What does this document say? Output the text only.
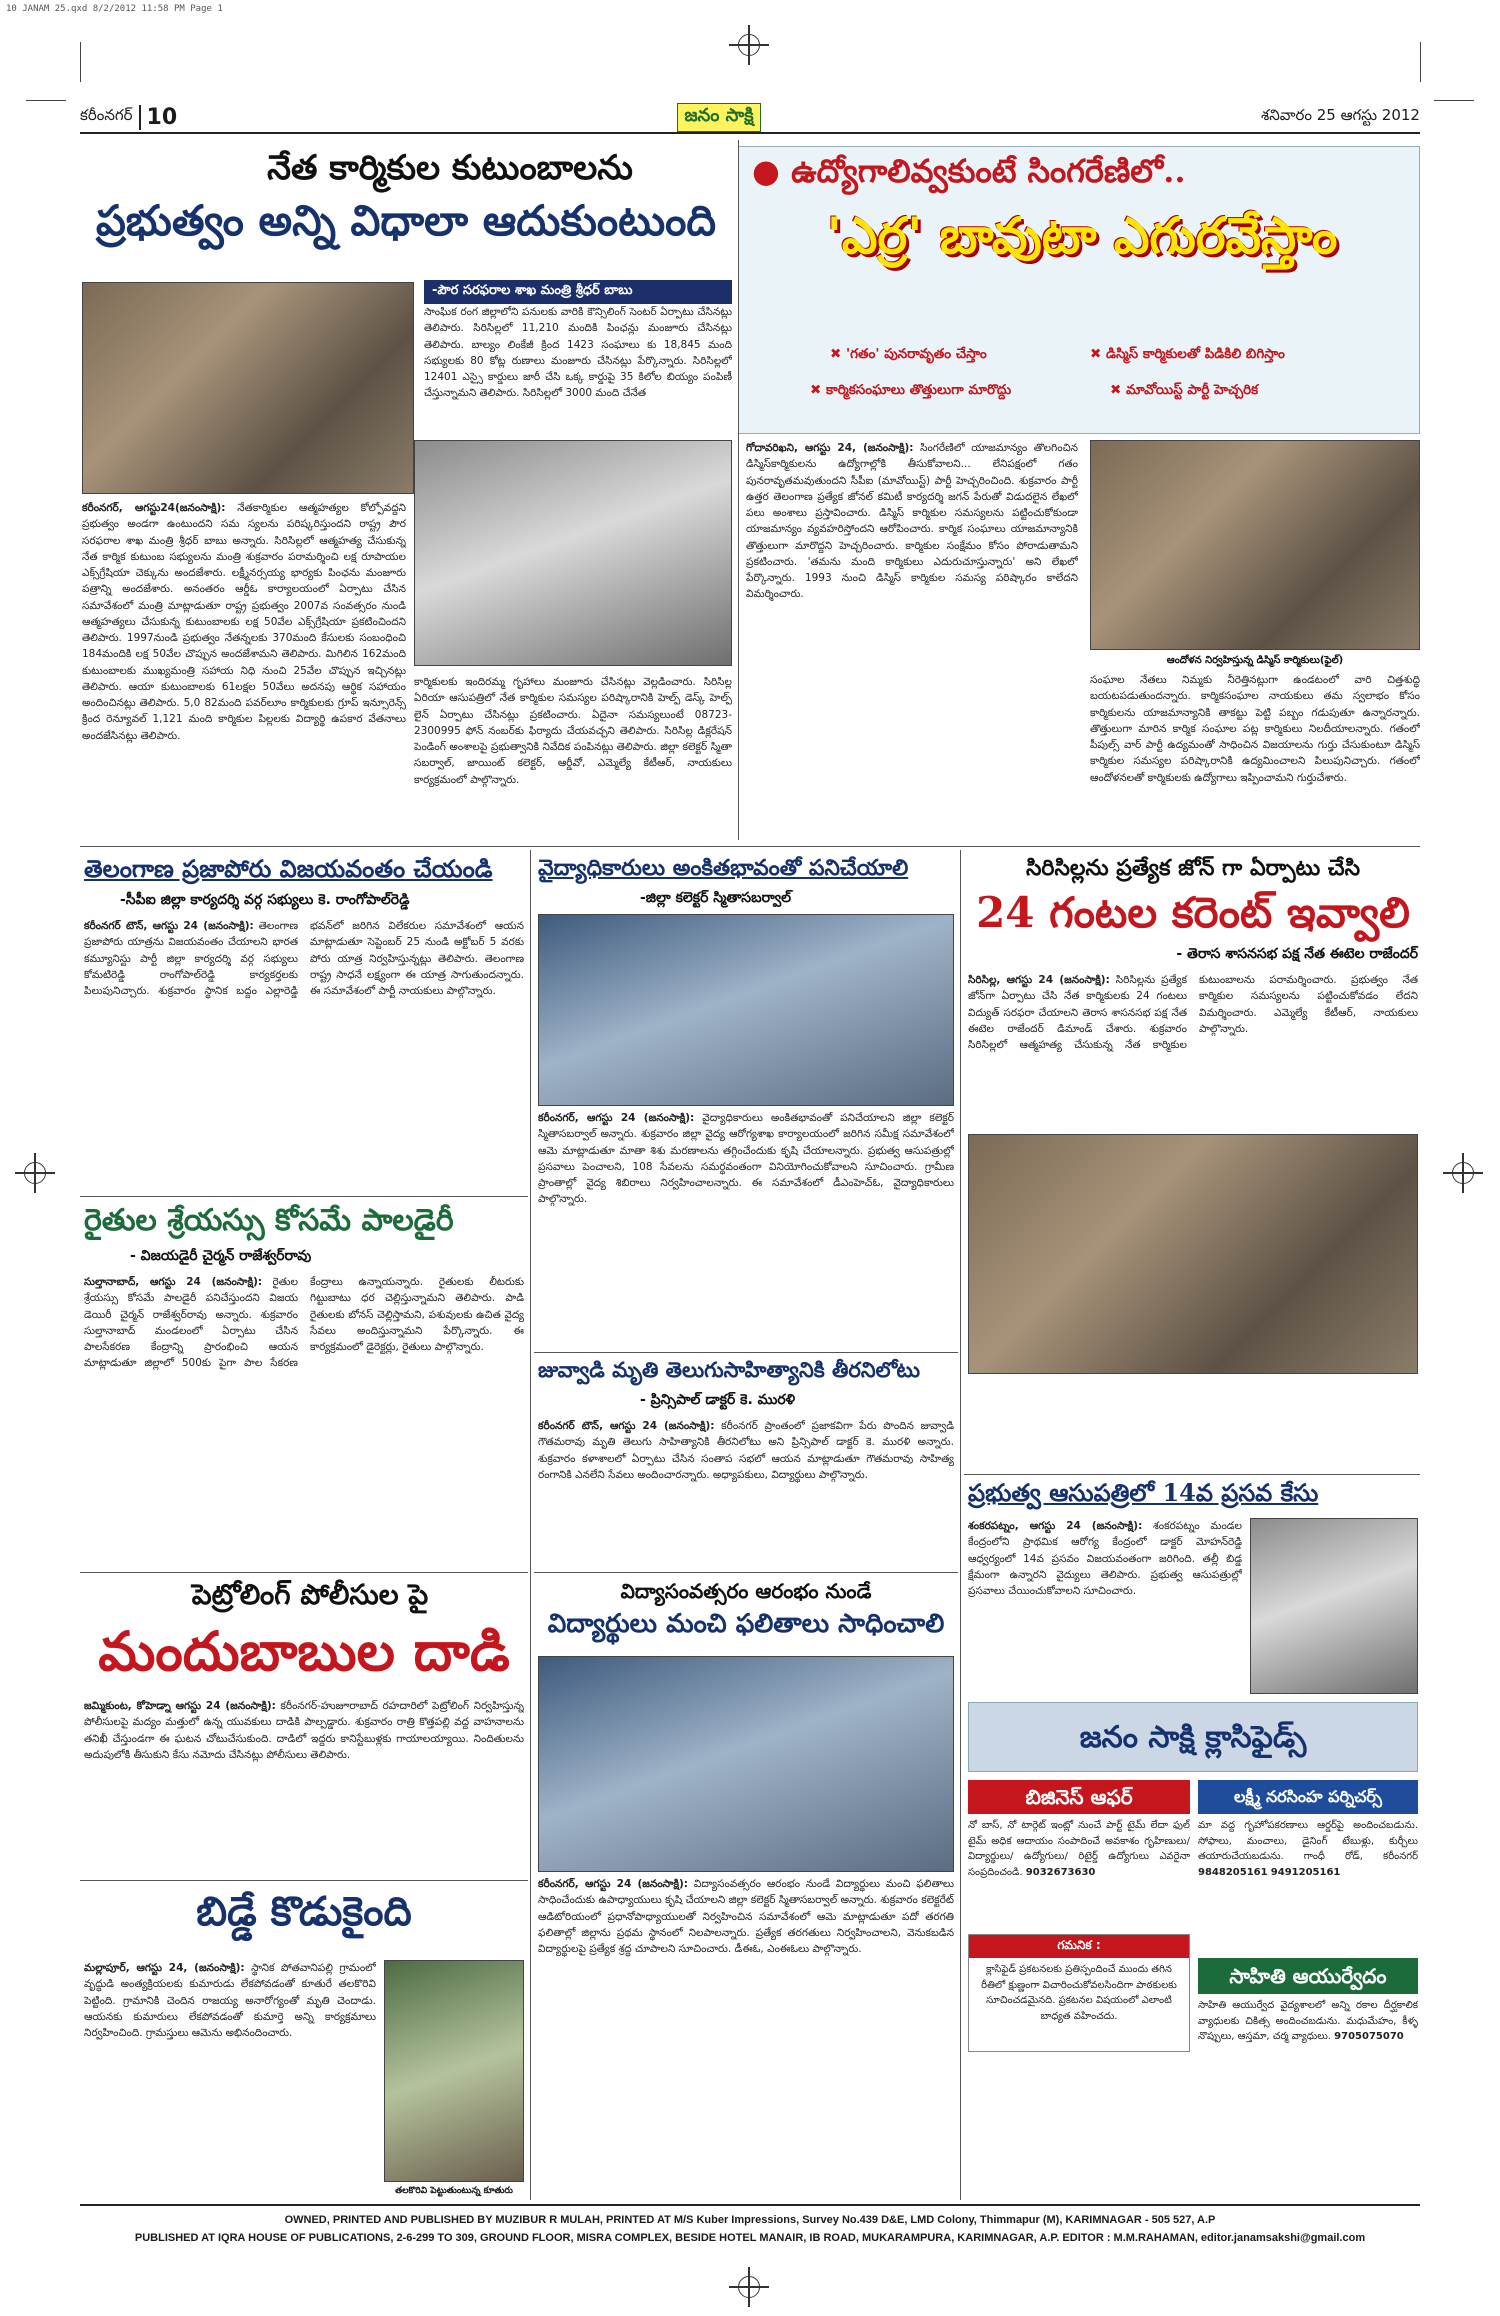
10 JANAM 25.qxd 8/2/2012 11:58 PM Page 1
కరీంనగర్ 10	జనం సాక్షి	శనివారం 25 ఆగస్టు 2012
నేత కార్మికుల కుటుంబాలను
ప్రభుత్వం అన్ని విధాలా ఆదుకుంటుంది
-పౌర సరఫరాల శాఖ మంత్రి శ్రీధర్ బాబు
సాంఘిక రంగ జిల్లాలోని పనులకు వారికి కౌన్సిలింగ్ సెంటర్ ఏర్పాటు చేసినట్లు తెలిపారు. సిరిసిల్లలో 11,210 మందికి పింఛన్లు మంజూరు చేసినట్లు తెలిపారు. బాల్యం లింకేజీ క్రింద 1423 సంఘాలు కు 18,845 మంది సభ్యులకు 80 కోట్ల రుణాలు మంజూరు చేసినట్లు పేర్కొన్నారు. సిరిసిల్లలో 12401 ఎస్సై కార్డులు జారీ చేసి ఒక్క కార్డుపై 35 కిలోల బియ్యం పంపిణీ చేస్తున్నామని తెలిపారు. సిరిసిల్లలో 3000 మంది చేనేత
కరీంనగర్, ఆగస్టు24(జనంసాక్షి): నేతకార్మికుల ఆత్మహత్యల కోల్పోవద్దని ప్రభుత్వం అండగా ఉంటుందని సమ స్యలను పరిష్కరిస్తుందని రాష్ట్ర పౌర సరఫరాల శాఖ మంత్రి శ్రీధర్ బాబు అన్నారు. సిరిసిల్లలో ఆత్మహత్య చేసుకున్న నేత కార్మిక కుటుంబ సభ్యులను మంత్రి శుక్రవారం పరామర్శించి లక్ష రూపాయల ఎక్స్‌గ్రేషియా చెక్కును అందజేశారు. లక్ష్మీనర్సయ్య భార్యకు పింఛను మంజూరు పత్రాన్ని అందజేశారు. అనంతరం ఆర్డీఓ కార్యాలయంలో ఏర్పాటు చేసిన సమావేశంలో మంత్రి మాట్లాడుతూ రాష్ట్ర ప్రభుత్వం 2007వ సంవత్సరం నుండి ఆత్మహత్యలు చేసుకున్న కుటుంబాలకు లక్ష 50వేల ఎక్స్‌గ్రేషియా ప్రకటించిందని తెలిపారు. 1997నుండి ప్రభుత్వం నేతన్నలకు 370మంది కేసులకు సంబంధించి 184మందికి లక్ష 50వేల చొప్పున అందజేశామని తెలిపారు. మిగిలిన 162మంది కుటుంబాలకు ముఖ్యమంత్రి సహాయ నిధి నుంచి 25వేల చొప్పున ఇచ్చినట్లు తెలిపారు. ఆయా కుటుంబాలకు 61లక్షల 50వేలు అదనపు ఆర్థిక సహాయం అందించినట్లు తెలిపారు. 5,0 82మంది పవర్‌లూం కార్మికులకు గ్రూప్ ఇన్సూరెన్స్ క్రింద రెన్యూవల్ 1,121 మంది కార్మికుల పిల్లలకు విద్యార్థి ఉపకార వేతనాలు అందజేసినట్లు తెలిపారు.
కార్మికులకు ఇందిరమ్మ గృహాలు మంజూరు చేసినట్లు వెల్లడించారు. సిరిసిల్ల ఏరియా ఆసుపత్రిలో నేత కార్మికుల సమస్యల పరిష్కారానికి హెల్ప్ డెస్క్ హెల్ప్ లైన్ ఏర్పాటు చేసినట్లు ప్రకటించారు. ఏదైనా సమస్యలుంటే 08723-2300995 ఫోన్ నంబర్‌కు ఫిర్యాదు చేయవచ్చని తెలిపారు. సిరిసిల్ల డిక్లరేషన్ పెండింగ్ అంశాలపై ప్రభుత్వానికి నివేదిక పంపినట్లు తెలిపారు. జిల్లా కలెక్టర్ స్మితా సబర్వాల్, జాయింట్ కలెక్టర్, ఆర్డీవో, ఎమ్మెల్యే కేటీఆర్, నాయకులు కార్యక్రమంలో పాల్గొన్నారు.
● ఉద్యోగాలివ్వకుంటే సింగరేణిలో..
'ఎర్ర' బావుటా ఎగురవేస్తాం
✖ 'గతం' పునరావృతం చేస్తాం	✖ డిస్మిస్ కార్మికులతో పిడికిలి బిగిస్తాం
✖ కార్మికసంఘాలు తొత్తులుగా మారొద్దు	✖ మావోయిస్ట్ పార్టీ హెచ్చరిక
గోదావరిఖని, ఆగస్టు 24, (జనంసాక్షి): సింగరేణిలో యాజమాన్యం తొలగించిన డిస్మిస్‌కార్మికులను ఉద్యోగాల్లోకి తీసుకోవాలని... లేనిపక్షంలో గతం పునరావృతమవుతుందని సీపీఐ (మావోయిస్ట్) పార్టీ హెచ్చరించింది. శుక్రవారం పార్టీ ఉత్తర తెలంగాణ ప్రత్యేక జోనల్ కమిటీ కార్యదర్శి జగన్ పేరుతో విడుదలైన లేఖలో పలు అంశాలు ప్రస్తావించారు. డిస్మిస్ కార్మికుల సమస్యలను పట్టించుకోకుండా యాజమాన్యం వ్యవహరిస్తోందని ఆరోపించారు. కార్మిక సంఘాలు యాజమాన్యానికి తొత్తులుగా మారొద్దని హెచ్చరించారు. కార్మికుల సంక్షేమం కోసం పోరాడుతామని ప్రకటించారు. 'తమను మంది కార్మికులు ఎదురుచూస్తున్నారు' అని లేఖలో పేర్కొన్నారు. 1993 నుంచి డిస్మిస్ కార్మికుల సమస్య పరిష్కారం కాలేదని విమర్శించారు.
ఆందోళన నిర్వహిస్తున్న డిస్మిస్ కార్మికులు(ఫైల్)
సంఘాల నేతలు నిమ్మకు నీరెత్తినట్లుగా ఉండటంలో వారి చిత్తశుద్ధి బయటపడుతుందన్నారు. కార్మికసంఘాల నాయకులు తమ స్వలాభం కోసం కార్మికులను యాజమాన్యానికి తాకట్టు పెట్టి పబ్బం గడుపుతూ ఉన్నారన్నారు. తొత్తులుగా మారిన కార్మిక సంఘాల పట్ల కార్మికులు నిలదీయాలన్నారు. గతంలో పీపుల్స్ వార్ పార్టీ ఉద్యమంతో సాధించిన విజయాలను గుర్తు చేసుకుంటూ డిస్మిస్ కార్మికుల సమస్యల పరిష్కారానికి ఉద్యమించాలని పిలుపునిచ్చారు. గతంలో ఆందోళనలతో కార్మికులకు ఉద్యోగాలు ఇప్పించామని గుర్తుచేశారు.
తెలంగాణ ప్రజాపోరు విజయవంతం చేయండి
-సీపీఐ జిల్లా కార్యదర్శి వర్గ సభ్యులు కె. రాంగోపాల్‌రెడ్డి
కరీంనగర్ టౌన్, ఆగస్టు 24 (జనంసాక్షి): తెలంగాణ ప్రజాపోరు యాత్రను విజయవంతం చేయాలని భారత కమ్యూనిస్టు పార్టీ జిల్లా కార్యదర్శి వర్గ సభ్యులు కోమటిరెడ్డి రాంగోపాల్‌రెడ్డి కార్యకర్తలకు పిలుపునిచ్చారు. శుక్రవారం స్థానిక బద్దం ఎల్లారెడ్డి భవన్‌లో జరిగిన విలేకరుల సమావేశంలో ఆయన మాట్లాడుతూ సెప్టెంబర్ 25 నుండి అక్టోబర్ 5 వరకు పోరు యాత్ర నిర్వహిస్తున్నట్లు తెలిపారు. తెలంగాణ రాష్ట్ర సాధనే లక్ష్యంగా ఈ యాత్ర సాగుతుందన్నారు. ఈ సమావేశంలో పార్టీ నాయకులు పాల్గొన్నారు.
రైతుల శ్రేయస్సు కోసమే పాలడైరీ
- విజయడైరీ చైర్మన్ రాజేశ్వర్‌రావు
సుల్తానాబాద్, ఆగస్టు 24 (జనంసాక్షి): రైతుల శ్రేయస్సు కోసమే పాలడైరీ పనిచేస్తుందని విజయ డెయిరీ చైర్మన్ రాజేశ్వర్‌రావు అన్నారు. శుక్రవారం సుల్తానాబాద్ మండలంలో ఏర్పాటు చేసిన పాలసేకరణ కేంద్రాన్ని ప్రారంభించి ఆయన మాట్లాడుతూ జిల్లాలో 500కు పైగా పాల సేకరణ కేంద్రాలు ఉన్నాయన్నారు. రైతులకు లీటరుకు గిట్టుబాటు ధర చెల్లిస్తున్నామని తెలిపారు. పాడి రైతులకు బోనస్ చెల్లిస్తామని, పశువులకు ఉచిత వైద్య సేవలు అందిస్తున్నామని పేర్కొన్నారు. ఈ కార్యక్రమంలో డైరెక్టర్లు, రైతులు పాల్గొన్నారు.
పెట్రోలింగ్ పోలీసుల పై
మందుబాబుల దాడి
జమ్మికుంట, కోహెడ్నా ఆగస్టు 24 (జనంసాక్షి): కరీంనగర్-హుజూరాబాద్ రహదారిలో పెట్రోలింగ్ నిర్వహిస్తున్న పోలీసులపై మద్యం మత్తులో ఉన్న యువకులు దాడికి పాల్పడ్డారు. శుక్రవారం రాత్రి కొత్తపల్లి వద్ద వాహనాలను తనిఖీ చేస్తుండగా ఈ ఘటన చోటుచేసుకుంది. దాడిలో ఇద్దరు కానిస్టేబుళ్లకు గాయాలయ్యాయి. నిందితులను అదుపులోకి తీసుకుని కేసు నమోదు చేసినట్లు పోలీసులు తెలిపారు.
బిడ్డే కొడుకైంది
మల్లాపూర్‌, ఆగస్టు 24, (జనంసాక్షి): స్థానిక పోతవానిపల్లి గ్రామంలో వృద్ధుడి అంత్యక్రియలకు కుమారుడు లేకపోవడంతో కూతురే తలకొరివి పెట్టింది. గ్రామానికి చెందిన రాజయ్య అనారోగ్యంతో మృతి చెందాడు. ఆయనకు కుమారులు లేకపోవడంతో కుమార్తె అన్ని కార్యక్రమాలు నిర్వహించింది. గ్రామస్తులు ఆమెను అభినందించారు.
తలకొరివి పెట్టుతుంటున్న కూతురు
వైద్యాధికారులు అంకితభావంతో పనిచేయాలి
-జిల్లా కలెక్టర్ స్మితాసబర్వాల్
కరీంనగర్, ఆగస్టు 24 (జనంసాక్షి): వైద్యాధికారులు అంకితభావంతో పనిచేయాలని జిల్లా కలెక్టర్ స్మితాసబర్వాల్ అన్నారు. శుక్రవారం జిల్లా వైద్య ఆరోగ్యశాఖ కార్యాలయంలో జరిగిన సమీక్ష సమావేశంలో ఆమె మాట్లాడుతూ మాతా శిశు మరణాలను తగ్గించేందుకు కృషి చేయాలన్నారు. ప్రభుత్వ ఆసుపత్రుల్లో ప్రసవాలు పెంచాలని, 108 సేవలను సమర్థవంతంగా వినియోగించుకోవాలని సూచించారు. గ్రామీణ ప్రాంతాల్లో వైద్య శిబిరాలు నిర్వహించాలన్నారు. ఈ సమావేశంలో డీఎంహెచ్‌ఓ, వైద్యాధికారులు పాల్గొన్నారు.
జువ్వాడి మృతి తెలుగుసాహిత్యానికి తీరనిలోటు
- ప్రిన్సిపాల్ డాక్టర్ కె. మురళి
కరీంనగర్ టౌన్, ఆగస్టు 24 (జనంసాక్షి): కరీంనగర్ ప్రాంతంలో ప్రజాకవిగా పేరు పొందిన జువ్వాడి గౌతమరావు మృతి తెలుగు సాహిత్యానికి తీరనిలోటు అని ప్రిన్సిపాల్ డాక్టర్ కె. మురళి అన్నారు. శుక్రవారం కళాశాలలో ఏర్పాటు చేసిన సంతాప సభలో ఆయన మాట్లాడుతూ గౌతమరావు సాహిత్య రంగానికి ఎనలేని సేవలు అందించారన్నారు. అధ్యాపకులు, విద్యార్థులు పాల్గొన్నారు.
విద్యాసంవత్సరం ఆరంభం నుండే
విద్యార్థులు మంచి ఫలితాలు సాధించాలి
కరీంనగర్, ఆగస్టు 24 (జనంసాక్షి): విద్యాసంవత్సరం ఆరంభం నుండే విద్యార్థులు మంచి ఫలితాలు సాధించేందుకు ఉపాధ్యాయులు కృషి చేయాలని జిల్లా కలెక్టర్ స్మితాసబర్వాల్ అన్నారు. శుక్రవారం కలెక్టరేట్ ఆడిటోరియంలో ప్రధానోపాధ్యాయులతో నిర్వహించిన సమావేశంలో ఆమె మాట్లాడుతూ పదో తరగతి ఫలితాల్లో జిల్లాను ప్రథమ స్థానంలో నిలపాలన్నారు. ప్రత్యేక తరగతులు నిర్వహించాలని, వెనుకబడిన విద్యార్థులపై ప్రత్యేక శ్రద్ధ చూపాలని సూచించారు. డీఈఓ, ఎంఈఓలు పాల్గొన్నారు.
సిరిసిల్లను ప్రత్యేక జోన్ గా ఏర్పాటు చేసి
24 గంటల కరెంట్ ఇవ్వాలి
- తెరాస శాసనసభ పక్ష నేత ఈటెల రాజేందర్
సిరిసిల్ల, ఆగస్టు 24 (జనంసాక్షి): సిరిసిల్లను ప్రత్యేక జోన్‌గా ఏర్పాటు చేసి నేత కార్మికులకు 24 గంటలు విద్యుత్ సరఫరా చేయాలని తెరాస శాసనసభ పక్ష నేత ఈటెల రాజేందర్ డిమాండ్ చేశారు. శుక్రవారం సిరిసిల్లలో ఆత్మహత్య చేసుకున్న నేత కార్మికుల కుటుంబాలను పరామర్శించారు. ప్రభుత్వం నేత కార్మికుల సమస్యలను పట్టించుకోవడం లేదని విమర్శించారు. ఎమ్మెల్యే కేటీఆర్, నాయకులు పాల్గొన్నారు.
ప్రభుత్వ ఆసుపత్రిలో 14వ ప్రసవ కేసు
శంకరపట్నం, ఆగస్టు 24 (జనంసాక్షి): శంకరపట్నం మండల కేంద్రంలోని ప్రాథమిక ఆరోగ్య కేంద్రంలో డాక్టర్ మోహన్‌రెడ్డి ఆధ్వర్యంలో 14వ ప్రసవం విజయవంతంగా జరిగింది. తల్లీ బిడ్డ క్షేమంగా ఉన్నారని వైద్యులు తెలిపారు. ప్రభుత్వ ఆసుపత్రుల్లో ప్రసవాలు చేయించుకోవాలని సూచించారు.
జనం సాక్షి క్లాసిఫైడ్స్
బిజినెస్ ఆఫర్
నో బాస్, నో టార్గెట్ ఇంట్లో నుంచే పార్ట్ టైమ్ లేదా ఫుల్ టైమ్ అధిక ఆదాయం సంపాదించే అవకాశం గృహిణులు/ విద్యార్థులు/ ఉద్యోగులు/ రిటైర్డ్ ఉద్యోగులు ఎవరైనా సంప్రదించండి. 9032673630
గమనిక :
క్లాసిఫైడ్ ప్రకటనలకు ప్రతిస్పందించే ముందు తగిన రీతిలో క్షుణ్ణంగా విచారించుకోవలసిందిగా పాఠకులకు సూచించడమైనది. ప్రకటనల విషయంలో ఎలాంటి బాధ్యత వహించదు.
లక్ష్మీ నరసింహ పర్నిచర్స్
మా వద్ద గృహోపకరణాలు ఆర్డర్‌పై అందించబడును. సోఫాలు, మంచాలు, డైనింగ్ టేబుళ్లు, కుర్చీలు తయారుచేయబడును. గాంధీ రోడ్, కరీంనగర్ 9848205161 9491205161
సాహితి ఆయుర్వేదం
సాహితి ఆయుర్వేద వైద్యశాలలో అన్ని రకాల దీర్ఘకాలిక వ్యాధులకు చికిత్స అందించబడును. మధుమేహం, కీళ్ళ నొప్పులు, ఆస్తమా, చర్మ వ్యాధులు. 9705075070
OWNED, PRINTED AND PUBLISHED BY MUZIBUR R MULAH, PRINTED AT M/S Kuber Impressions, Survey No.439 D&E, LMD Colony, Thimmapur (M), KARIMNAGAR - 505 527, A.P
PUBLISHED AT IQRA HOUSE OF PUBLICATIONS, 2-6-299 TO 309, GROUND FLOOR, MISRA COMPLEX, BESIDE HOTEL MANAIR, IB ROAD, MUKARAMPURA, KARIMNAGAR, A.P. EDITOR : M.M.RAHAMAN, editor.janamsakshi@gmail.com
